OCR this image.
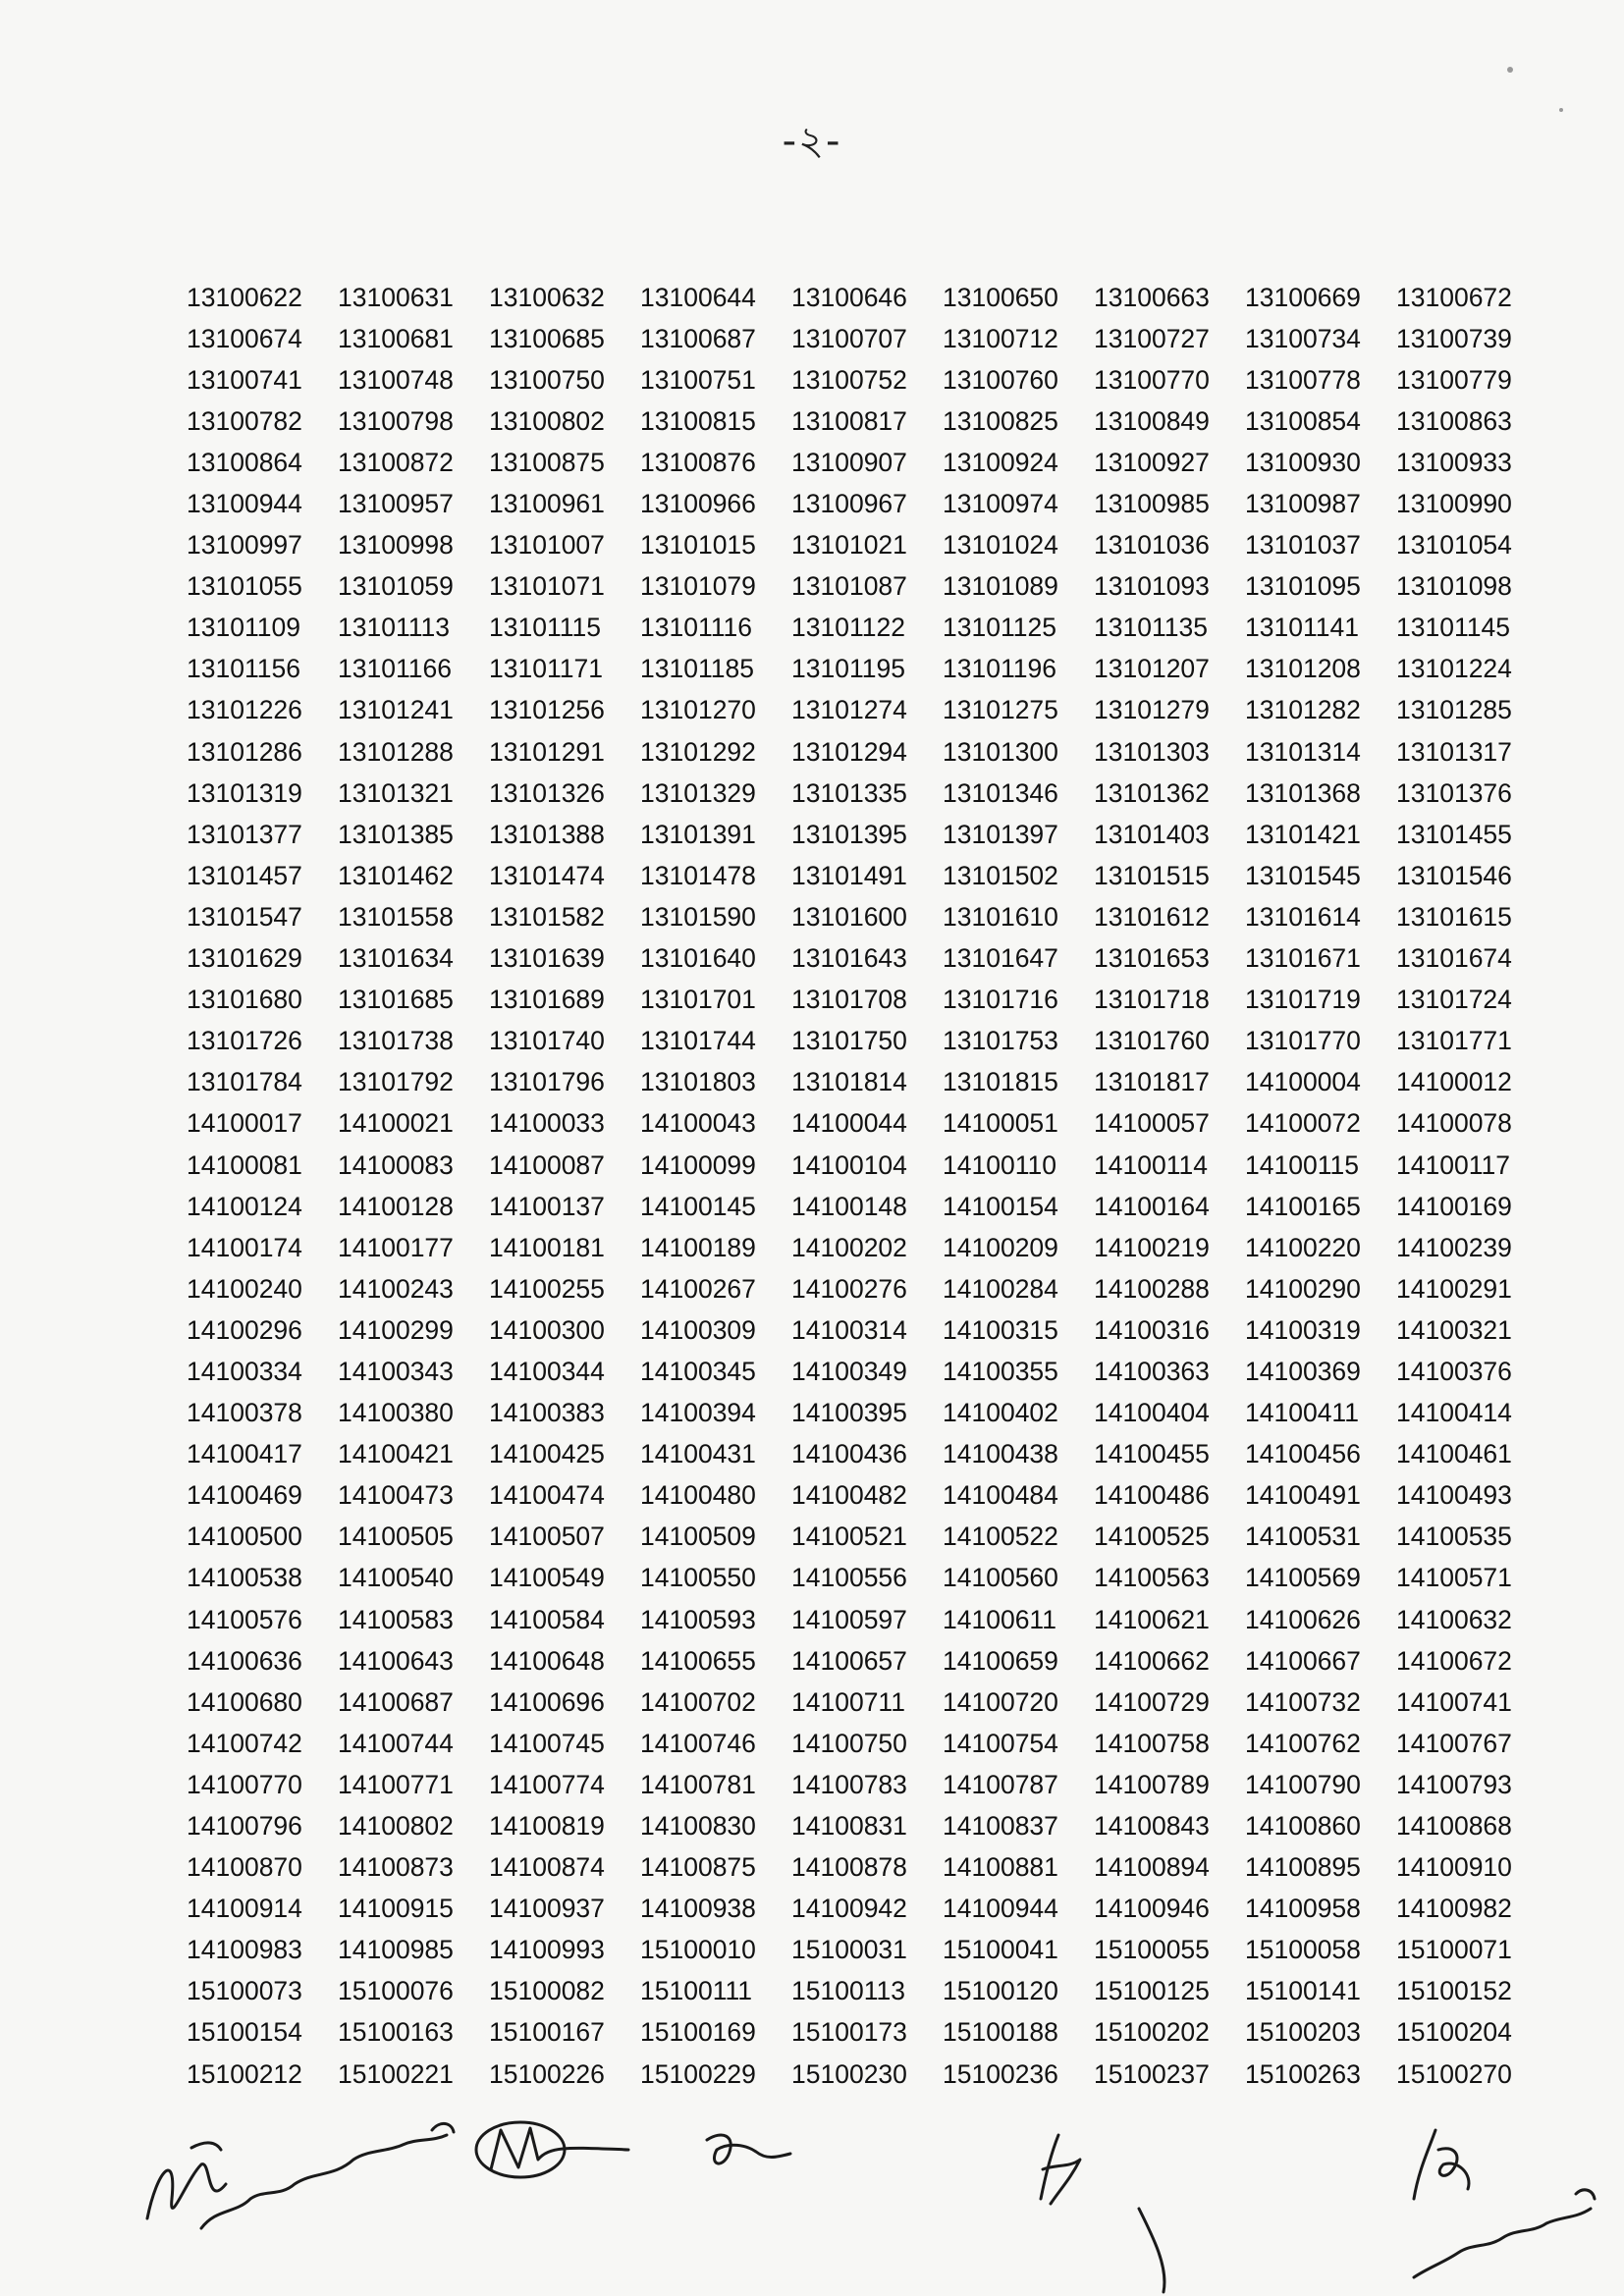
-২-
13100622	13100631	13100632	13100644	13100646	13100650	13100663	13100669	13100672
13100674	13100681	13100685	13100687	13100707	13100712	13100727	13100734	13100739
13100741	13100748	13100750	13100751	13100752	13100760	13100770	13100778	13100779
13100782	13100798	13100802	13100815	13100817	13100825	13100849	13100854	13100863
13100864	13100872	13100875	13100876	13100907	13100924	13100927	13100930	13100933
13100944	13100957	13100961	13100966	13100967	13100974	13100985	13100987	13100990
13100997	13100998	13101007	13101015	13101021	13101024	13101036	13101037	13101054
13101055	13101059	13101071	13101079	13101087	13101089	13101093	13101095	13101098
13101109	13101113	13101115	13101116	13101122	13101125	13101135	13101141	13101145
13101156	13101166	13101171	13101185	13101195	13101196	13101207	13101208	13101224
13101226	13101241	13101256	13101270	13101274	13101275	13101279	13101282	13101285
13101286	13101288	13101291	13101292	13101294	13101300	13101303	13101314	13101317
13101319	13101321	13101326	13101329	13101335	13101346	13101362	13101368	13101376
13101377	13101385	13101388	13101391	13101395	13101397	13101403	13101421	13101455
13101457	13101462	13101474	13101478	13101491	13101502	13101515	13101545	13101546
13101547	13101558	13101582	13101590	13101600	13101610	13101612	13101614	13101615
13101629	13101634	13101639	13101640	13101643	13101647	13101653	13101671	13101674
13101680	13101685	13101689	13101701	13101708	13101716	13101718	13101719	13101724
13101726	13101738	13101740	13101744	13101750	13101753	13101760	13101770	13101771
13101784	13101792	13101796	13101803	13101814	13101815	13101817	14100004	14100012
14100017	14100021	14100033	14100043	14100044	14100051	14100057	14100072	14100078
14100081	14100083	14100087	14100099	14100104	14100110	14100114	14100115	14100117
14100124	14100128	14100137	14100145	14100148	14100154	14100164	14100165	14100169
14100174	14100177	14100181	14100189	14100202	14100209	14100219	14100220	14100239
14100240	14100243	14100255	14100267	14100276	14100284	14100288	14100290	14100291
14100296	14100299	14100300	14100309	14100314	14100315	14100316	14100319	14100321
14100334	14100343	14100344	14100345	14100349	14100355	14100363	14100369	14100376
14100378	14100380	14100383	14100394	14100395	14100402	14100404	14100411	14100414
14100417	14100421	14100425	14100431	14100436	14100438	14100455	14100456	14100461
14100469	14100473	14100474	14100480	14100482	14100484	14100486	14100491	14100493
14100500	14100505	14100507	14100509	14100521	14100522	14100525	14100531	14100535
14100538	14100540	14100549	14100550	14100556	14100560	14100563	14100569	14100571
14100576	14100583	14100584	14100593	14100597	14100611	14100621	14100626	14100632
14100636	14100643	14100648	14100655	14100657	14100659	14100662	14100667	14100672
14100680	14100687	14100696	14100702	14100711	14100720	14100729	14100732	14100741
14100742	14100744	14100745	14100746	14100750	14100754	14100758	14100762	14100767
14100770	14100771	14100774	14100781	14100783	14100787	14100789	14100790	14100793
14100796	14100802	14100819	14100830	14100831	14100837	14100843	14100860	14100868
14100870	14100873	14100874	14100875	14100878	14100881	14100894	14100895	14100910
14100914	14100915	14100937	14100938	14100942	14100944	14100946	14100958	14100982
14100983	14100985	14100993	15100010	15100031	15100041	15100055	15100058	15100071
15100073	15100076	15100082	15100111	15100113	15100120	15100125	15100141	15100152
15100154	15100163	15100167	15100169	15100173	15100188	15100202	15100203	15100204
15100212	15100221	15100226	15100229	15100230	15100236	15100237	15100263	15100270
